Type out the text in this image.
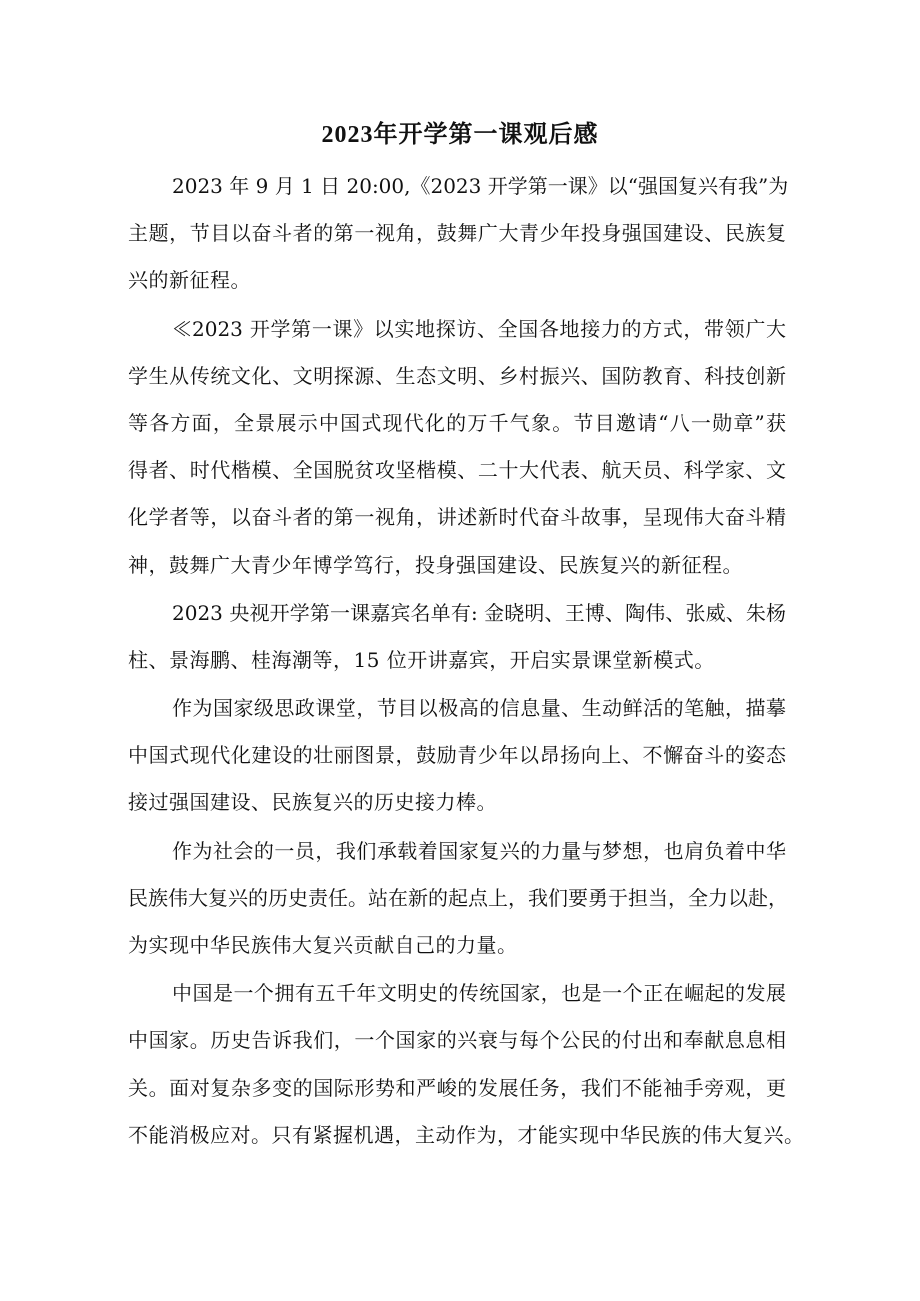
2023年开学第一课观后感
2023 年 9 月 1 日 20:00,《2023 开学第一课》以“强国复兴有我”为
主题，节目以奋斗者的第一视角，鼓舞广大青少年投身强国建设、民族复
兴的新征程。
≪2023 开学第一课》以实地探访、全国各地接力的方式，带领广大
学生从传统文化、文明探源、生态文明、乡村振兴、国防教育、科技创新
等各方面，全景展示中国式现代化的万千气象。节目邀请“八一勋章”获
得者、时代楷模、全国脱贫攻坚楷模、二十大代表、航天员、科学家、文
化学者等，以奋斗者的第一视角，讲述新时代奋斗故事，呈现伟大奋斗精
神，鼓舞广大青少年博学笃行，投身强国建设、民族复兴的新征程。
2023 央视开学第一课嘉宾名单有: 金晓明、王博、陶伟、张威、朱杨
柱、景海鹏、桂海潮等，15 位开讲嘉宾，开启实景课堂新模式。
作为国家级思政课堂，节目以极高的信息量、生动鲜活的笔触，描摹
中国式现代化建设的壮丽图景，鼓励青少年以昂扬向上、不懈奋斗的姿态
接过强国建设、民族复兴的历史接力棒。
作为社会的一员，我们承载着国家复兴的力量与梦想，也肩负着中华
民族伟大复兴的历史责任。站在新的起点上，我们要勇于担当，全力以赴，
为实现中华民族伟大复兴贡献自己的力量。
中国是一个拥有五千年文明史的传统国家，也是一个正在崛起的发展
中国家。历史告诉我们，一个国家的兴衰与每个公民的付出和奉献息息相
关。面对复杂多变的国际形势和严峻的发展任务，我们不能袖手旁观，更
不能消极应对。只有紧握机遇，主动作为，才能实现中华民族的伟大复兴。
